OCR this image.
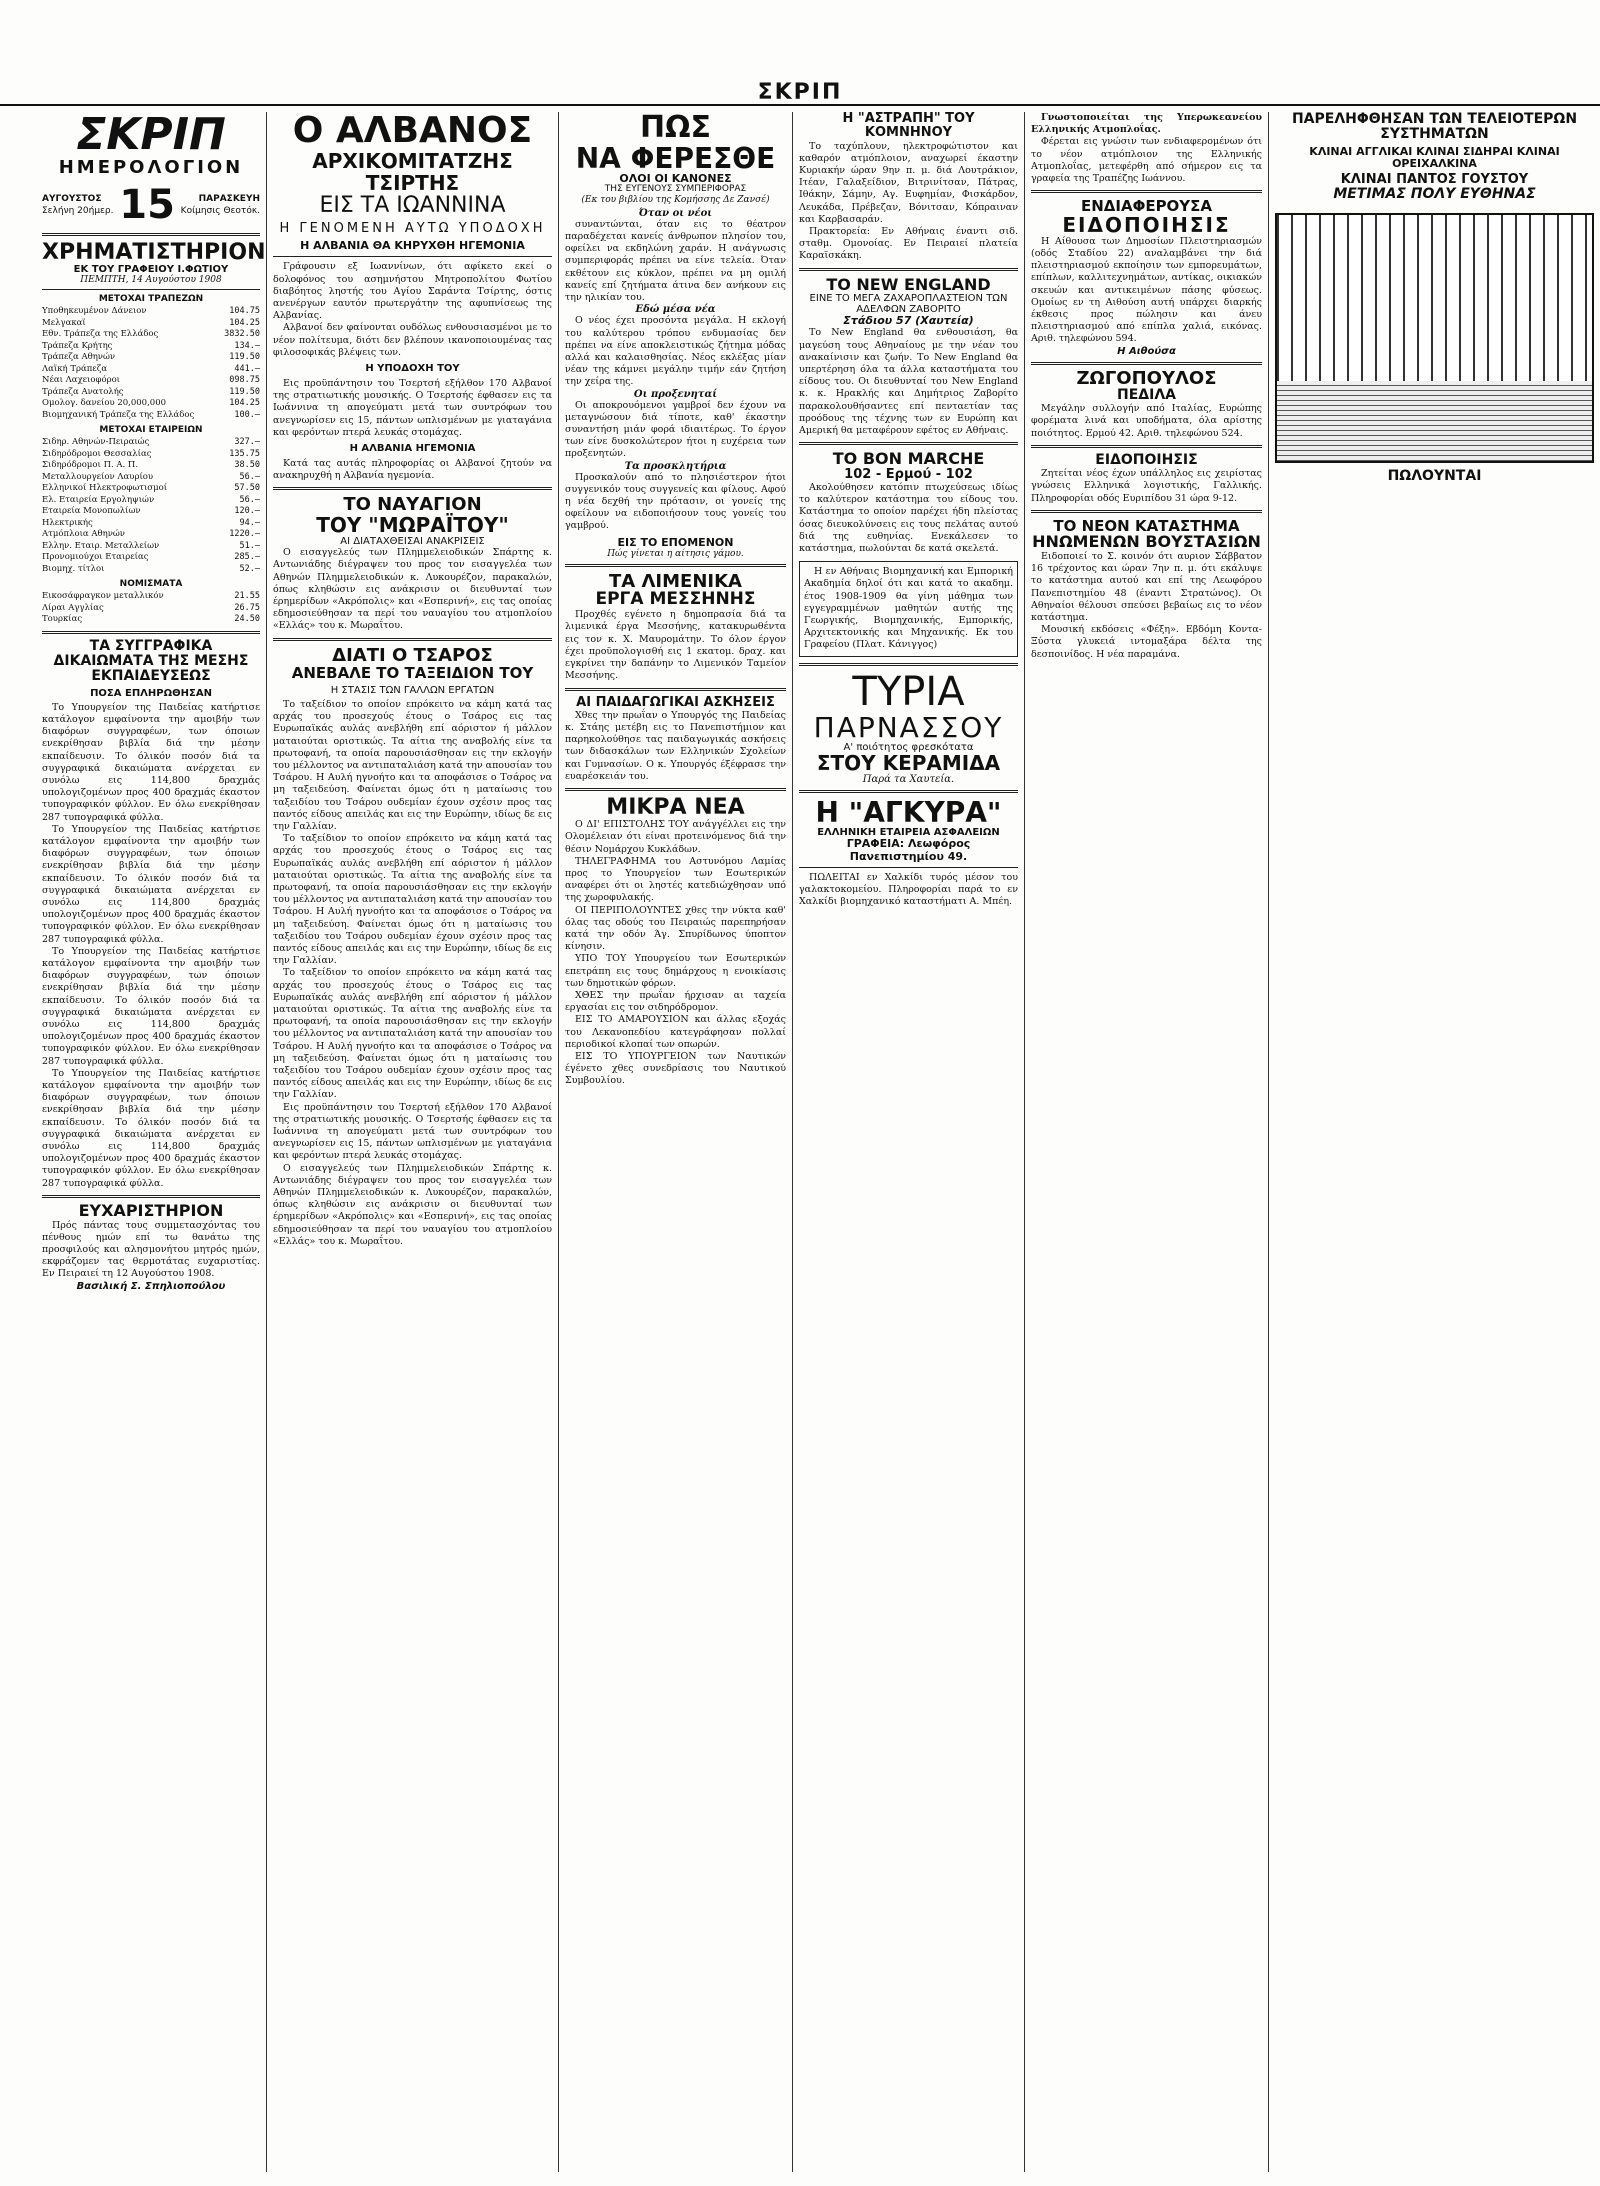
ΣΚΡΙΠ
ΣΚΡΙΠ
ΗΜΕΡΟΛΟΓΙΟΝ
ΑΥΓΟΥΣΤΟΣ
Σελήνη 20ήμερ. 15	ΠΑΡΑΣΚΕΥΗ
Κοίμησις Θεοτόκ.
ΧΡΗΜΑΤΙΣΤΗΡΙΟΝ
ΕΚ ΤΟΥ ΓΡΑΦΕΙΟΥ Ι.ΦΩΤΙΟΥ
ΠΕΜΠΤΗ, 14 Αυγούστου 1908
ΜΕΤΟΧΑΙ ΤΡΑΠΕΖΩΝ
Υποθηκευμένον Δάνειον	104.75
Μελγακαϊ	104.25
Εθν. Τράπεζα της Ελλάδος	3832.50
Τράπεζα Κρήτης	134.—
Τράπεζα Αθηνών	119.50
Λαϊκή Τράπεζα	441.—
Νέαι Λαχειοφόροι	098.75
Τράπεζα Ανατολής	119.50
Ομολογ. δανείου 20,000,000	104.25
Βιομηχανική Τράπεζα της Ελλάδος	100.—
ΜΕΤΟΧΑΙ ΕΤΑΙΡΕΙΩΝ
Σιδηρ. Αθηνών-Πειραιώς	327.—
Σιδηρόδρομοι Θεσσαλίας	135.75
Σιδηρόδρομοι Π. Α. Π.	38.50
Μεταλλουργείον Λαυρίου	56.—
Ελληνικοί Ηλεκτροφωτισμοί	57.50
Ελ. Εταιρεία Εργοληψιών	56.—
Εταιρεία Μονοπωλίων	120.—
Ηλεκτρικής	94.—
Ατμόπλοια Αθηνών	1220.—
Ελλην. Εταιρ. Μεταλλείων	51.—
Προνομιούχοι Εταιρείας	285.—
Βιομηχ. τίτλοι	52.—
ΝΟΜΙΣΜΑΤΑ
Εικοσάφραγκον μεταλλικόν	21.55
Λίραι Αγγλίας	26.75
Τουρκίας	24.50
ΤΑ ΣΥΓΓΡΑΦΙΚΑ ΔΙΚΑΙΩΜΑΤΑ ΤΗΣ ΜΕΣΗΣ ΕΚΠΑΙΔΕΥΣΕΩΣ
ΠΟΣΑ ΕΠΛΗΡΩΘΗΣΑΝ

Το Υπουργείον της Παιδείας κατήρτισε κατάλογον εμφαίνοντα την αμοιβήν των διαφόρων συγγραφέων, των όποιων ενεκρίθησαν βιβλία διά την μέσην εκπαίδευσιν. Το όλικόν ποσόν διά τα συγγραφικά δικαιώματα ανέρχεται εν συνόλω εις 114,800 δραχμάς υπολογιζομένων προς 400 δραχμάς έκαστον τυπογραφικόν φύλλον. Εν όλω ενεκρίθησαν 287 τυπογραφικά φύλλα.

Το Υπουργείον της Παιδείας κατήρτισε κατάλογον εμφαίνοντα την αμοιβήν των διαφόρων συγγραφέων, των όποιων ενεκρίθησαν βιβλία διά την μέσην εκπαίδευσιν. Το όλικόν ποσόν διά τα συγγραφικά δικαιώματα ανέρχεται εν συνόλω εις 114,800 δραχμάς υπολογιζομένων προς 400 δραχμάς έκαστον τυπογραφικόν φύλλον. Εν όλω ενεκρίθησαν 287 τυπογραφικά φύλλα.

Το Υπουργείον της Παιδείας κατήρτισε κατάλογον εμφαίνοντα την αμοιβήν των διαφόρων συγγραφέων, των όποιων ενεκρίθησαν βιβλία διά την μέσην εκπαίδευσιν. Το όλικόν ποσόν διά τα συγγραφικά δικαιώματα ανέρχεται εν συνόλω εις 114,800 δραχμάς υπολογιζομένων προς 400 δραχμάς έκαστον τυπογραφικόν φύλλον. Εν όλω ενεκρίθησαν 287 τυπογραφικά φύλλα.

Το Υπουργείον της Παιδείας κατήρτισε κατάλογον εμφαίνοντα την αμοιβήν των διαφόρων συγγραφέων, των όποιων ενεκρίθησαν βιβλία διά την μέσην εκπαίδευσιν. Το όλικόν ποσόν διά τα συγγραφικά δικαιώματα ανέρχεται εν συνόλω εις 114,800 δραχμάς υπολογιζομένων προς 400 δραχμάς έκαστον τυπογραφικόν φύλλον. Εν όλω ενεκρίθησαν 287 τυπογραφικά φύλλα.

ΕΥΧΑΡΙΣΤΗΡΙΟΝ

Πρός πάντας τους συμμετασχόντας του πένθους ημών επί τω θανάτω της προσφιλούς και αλησμονήτου μητρός ημών, εκφράζομεν τας θερμοτάτας ευχαριστίας. Εν Πειραιεί τη 12 Αυγούστου 1908.

Βασιλική Σ. Σπηλιοπούλου
Ο ΑΛΒΑΝΟΣ
ΑΡΧΙΚΟΜΙΤΑΤΖΗΣ ΤΣΙΡΤΗΣ
ΕΙΣ ΤΑ ΙΩΑΝΝΙΝΑ
Η ΓΕΝΟΜΕΝΗ ΑΥΤΩ ΥΠΟΔΟΧΗ
Η ΑΛΒΑΝΙΑ ΘΑ ΚΗΡΥΧΘΗ ΗΓΕΜΟΝΙΑ

Γράφουσιν εξ Ιωαννίνων, ότι αφίκετο εκεί ο δολοφόνος του ασημνήστου Μητροπολίτου Φωτίου διαβόητος ληστής του Αγίου Σαράντα Τσίρτης, όστις ανενέργων εαυτόν πρωτεργάτην της αφυπνίσεως της Αλβανίας.

Αλβανοί δεν φαίνονται ουδόλως ενθουσιασμένοι με το νέον πολίτευμα, διότι δεν βλέπουν ικανοποιουμένας τας φιλοσοφικάς βλέψεις των.

Η ΥΠΟΔΟΧΗ ΤΟΥ

Εις προϋπάντησιν του Τσερτσή εξήλθον 170 Αλβανοί της στρατιωτικής μουσικής. Ο Τσερτσής έφθασεν εις τα Ιωάννινα τη απογεύματι μετά των συντρόφων του ανεγνωρίσεν εις 15, πάντων ωπλισμένων με γιαταγάνια και φερόντων πτερά λευκάς στομάχας.

Η ΑΛΒΑΝΙΑ ΗΓΕΜΟΝΙΑ

Κατά τας αυτάς πληροφορίας οι Αλβανοί ζητούν να ανακηρυχθή η Αλβανία ηγεμονία.

ΤΟ ΝΑΥΑΓΙΟΝ
ΤΟΥ "ΜΩΡΑΪΤΟΥ"
ΑΙ ΔΙΑΤΑΧΘΕΙΣΑΙ ΑΝΑΚΡΙΣΕΙΣ

Ο εισαγγελεύς των Πλημμελειοδικών Σπάρτης κ. Αντωνιάδης διέγραψεν του προς τον εισαγγελέα των Αθηνών Πλημμελειοδικών κ. Λυκουρέζον, παρακαλών, όπως κληθώσιν εις ανάκρισιν οι διευθυνταί των έρημερίδων «Ακρόπολις» και «Εσπερινή», εις τας οποίας εδημοσιεύθησαν τα περί του ναυαγίου του ατμοπλοίου «Ελλάς» του κ. Μωραΐτου.

ΔΙΑΤΙ Ο ΤΣΑΡΟΣ
ΑΝΕΒΑΛΕ ΤΟ ΤΑΞΕΙΔΙΟΝ ΤΟΥ
Η ΣΤΑΣΙΣ ΤΩΝ ΓΑΛΛΩΝ ΕΡΓΑΤΩΝ

Το ταξείδιον το οποίον επρόκειτο να κάμη κατά τας αρχάς του προσεχούς έτους ο Τσάρος εις τας Ευρωπαϊκάς αυλάς ανεβλήθη επί αόριστον ή μάλλον ματαιούται οριστικώς. Τα αίτια της αναβολής είνε τα πρωτοφανή, τα οποία παρουσιάσθησαν εις την εκλογήν του μέλλοντος να αντιπαταλιάση κατά την απουσίαν του Τσάρου. Η Αυλή ηγνοήτο και τα αποφάσισε ο Τσάρος να μη ταξειδεύση. Φαίνεται όμως ότι η ματαίωσις του ταξειδίου του Τσάρου ουδεμίαν έχουν σχέσιν προς τας παντός είδους απειλάς και εις την Ευρώπην, ιδίως δε εις την Γαλλίαν.

Το ταξείδιον το οποίον επρόκειτο να κάμη κατά τας αρχάς του προσεχούς έτους ο Τσάρος εις τας Ευρωπαϊκάς αυλάς ανεβλήθη επί αόριστον ή μάλλον ματαιούται οριστικώς. Τα αίτια της αναβολής είνε τα πρωτοφανή, τα οποία παρουσιάσθησαν εις την εκλογήν του μέλλοντος να αντιπαταλιάση κατά την απουσίαν του Τσάρου. Η Αυλή ηγνοήτο και τα αποφάσισε ο Τσάρος να μη ταξειδεύση. Φαίνεται όμως ότι η ματαίωσις του ταξειδίου του Τσάρου ουδεμίαν έχουν σχέσιν προς τας παντός είδους απειλάς και εις την Ευρώπην, ιδίως δε εις την Γαλλίαν.

Το ταξείδιον το οποίον επρόκειτο να κάμη κατά τας αρχάς του προσεχούς έτους ο Τσάρος εις τας Ευρωπαϊκάς αυλάς ανεβλήθη επί αόριστον ή μάλλον ματαιούται οριστικώς. Τα αίτια της αναβολής είνε τα πρωτοφανή, τα οποία παρουσιάσθησαν εις την εκλογήν του μέλλοντος να αντιπαταλιάση κατά την απουσίαν του Τσάρου. Η Αυλή ηγνοήτο και τα αποφάσισε ο Τσάρος να μη ταξειδεύση. Φαίνεται όμως ότι η ματαίωσις του ταξειδίου του Τσάρου ουδεμίαν έχουν σχέσιν προς τας παντός είδους απειλάς και εις την Ευρώπην, ιδίως δε εις την Γαλλίαν.

Εις προϋπάντησιν του Τσερτσή εξήλθον 170 Αλβανοί της στρατιωτικής μουσικής. Ο Τσερτσής έφθασεν εις τα Ιωάννινα τη απογεύματι μετά των συντρόφων του ανεγνωρίσεν εις 15, πάντων ωπλισμένων με γιαταγάνια και φερόντων πτερά λευκάς στομάχας.

Ο εισαγγελεύς των Πλημμελειοδικών Σπάρτης κ. Αντωνιάδης διέγραψεν του προς τον εισαγγελέα των Αθηνών Πλημμελειοδικών κ. Λυκουρέζον, παρακαλών, όπως κληθώσιν εις ανάκρισιν οι διευθυνταί των έρημερίδων «Ακρόπολις» και «Εσπερινή», εις τας οποίας εδημοσιεύθησαν τα περί του ναυαγίου του ατμοπλοίου «Ελλάς» του κ. Μωραΐτου.

ΠΩΣ
ΝΑ ΦΕΡΕΣΘΕ
ΟΛΟΙ ΟΙ ΚΑΝΟΝΕΣ
ΤΗΣ ΕΥΓΕΝΟΥΣ ΣΥΜΠΕΡΙΦΟΡΑΣ
(Εκ του βιβλίου της Κομήσσης Δε Ζανσέ)
Όταν οι νέοι

συναντώνται, όταν εις το θέατρον παραδέχεται κανείς άνθρωπον πλησίον του, οφείλει να εκδηλώνη χαράν. Η ανάγνωσις συμπεριφοράς πρέπει να είνε τελεία. Όταν εκθέτουν εις κύκλον, πρέπει να μη ομιλή κανείς επί ζητήματα άτινα δεν ανήκουν εις την ηλικίαν του.

Εδώ μέσα νέα

Ο νέος έχει προσόντα μεγάλα. Η εκλογή του καλύτερου τρόπου ενδυμασίας δεν πρέπει να είνε αποκλειστικώς ζήτημα μόδας αλλά και καλαισθησίας. Νέος εκλέξας μίαν νέαν της κάμνει μεγάλην τιμήν εάν ζητήση την χείρα της.

Οι προξενηταί

Οι αποκρουόμενοι γαμβροί δεν έχουν να μεταγνώσουν διά τίποτε, καθ' έκαστην συναντήση μιάν φορά ιδιαιτέρως. Το έργον των είνε δυσκολώτερον ήτοι η ευχέρεια των προξενητών.

Τα προσκλητήρια

Προσκαλούν από το πλησιέστερον ήτοι συγγενικόν τους συγγενείς και φίλους. Αφού η νέα δεχθή την πρότασιν, οι γονείς της οφείλουν να ειδοποιήσουν τους γονείς του γαμβρού.

ΕΙΣ ΤΟ ΕΠΟΜΕΝΟΝ
Πώς γίνεται η αίτησις γάμου.
ΤΑ ΛΙΜΕΝΙΚΑ
ΕΡΓΑ ΜΕΣΣΗΝΗΣ

Προχθές εγένετο η δημοπρασία διά τα λιμενικά έργα Μεσσήνης, κατακυρωθέντα εις τον κ. Χ. Μαυρομάτην. Το όλον έργον έχει προϋπολογισθή εις 1 εκατομ. δραχ. και εγκρίνει την δαπάνην το Λιμενικόν Ταμείον Μεσσήνης.

ΑΙ ΠΑΙΔΑΓΩΓΙΚΑΙ ΑΣΚΗΣΕΙΣ

Χθες την πρωΐαν ο Υπουργός της Παιδείας κ. Στάης μετέβη εις το Πανεπιστήμιον και παρηκολούθησε τας παιδαγωγικάς ασκήσεις των διδασκάλων των Ελληνικών Σχολείων και Γυμνασίων. Ο κ. Υπουργός έξέφρασε την ευαρέσκειάν του.

ΜΙΚΡΑ ΝΕΑ

Ο ΔΙ' ΕΠΙΣΤΟΛΗΣ ΤΟΥ ανάγγέλλει εις την Ολομέλειαν ότι είναι προτεινόμενος διά την θέσιν Νομάρχου Κυκλάδων.

ΤΗΛΕΓΡΑΦΗΜΑ του Αστυνόμου Λαμίας προς το Υπουργείον των Εσωτερικών αναφέρει ότι οι ληστές κατεδιώχθησαν υπό της χωροφυλακής.

ΟΙ ΠΕΡΙΠΟΛΟΥΝΤΕΣ χθες την νύκτα καθ' όλας τας οδούς του Πειραιώς παρεπηρήσαν κατά την οδόν Άγ. Σπυρίδωνος ύποπτον κίνησιν.

ΥΠΟ ΤΟΥ Υπουργείου των Εσωτερικών επετράπη εις τους δημάρχους η ενοικίασις των δημοτικών φόρων.

ΧΘΕΣ την πρωΐαν ήρχισαν αι ταχεία εργασίαι εις τον σιδηρόδρομον.

ΕΙΣ ΤΟ ΑΜΑΡΟΥΣΙΟΝ και άλλας εξοχάς του Λεκανοπεδίου κατεγράφησαν πολλαί περιοδικοί κλοπαί των οπωρών.

ΕΙΣ ΤΟ ΥΠΟΥΡΓΕΙΟΝ των Ναυτικών έγένετο χθες συνεδρίασις του Ναυτικού Συμβουλίου.

Η "ΑΣΤΡΑΠΗ" ΤΟΥ ΚΟΜΝΗΝΟΥ

Το ταχύπλουν, ηλεκτροφώτιστον και καθαρόν ατμόπλοιον, αναχωρεί έκαστην Κυριακήν ώραν 9ην π. μ. διά Λουτράκιον, Ιτέαν, Γαλαξείδιον, Βιτρινίτσαν, Πάτρας, Ιθάκην, Σάμην, Αγ. Ευφημίαν, Φισκάρδον, Λευκάδα, Πρέβεζαν, Βόνιτσαν, Κόπραιναν και Καρβασαράν.

Πρακτορεία: Εν Αθήναις έναντι σιδ. σταθμ. Ομονοίας. Εν Πειραιεί πλατεία Καραϊσκάκη.

TO NEW ENGLAND
ΕΙΝΕ ΤΟ ΜΕΓΑ ΖΑΧΑΡΟΠΛΑΣΤΕΙΟΝ ΤΩΝ ΑΔΕΛΦΩΝ ΖΑΒΟΡΙΤΟ
Στάδιου 57 (Χαυτεία)

Το New England θα ενθουσιάση, θα μαγεύση τους Αθηναίους με την νέαν του ανακαίνισιν και ζωήν. Το New England θα υπερτέρηση όλα τα άλλα καταστήματα του είδους του. Οι διευθυνταί του New England κ. κ. Ηρακλής και Δημήτριος Ζαβορίτο παρακολουθήσαντες επί πενταετίαν τας προόδους της τέχνης των εν Ευρώπη και Αμερική θα μεταφέρουν εφέτος εν Αθήναις.

ΤΟ ΒΟΝ MARCHE
102 - Ερμού - 102

Ακολούθησεν κατόπιν πτωχεύσεως ιδίως το καλύτερον κατάστημα του είδους του. Κατάστημα το οποίον παρέχει ήδη πλείστας όσας διευκολύνσεις εις τους πελάτας αυτού διά της ευθηνίας. Ενεκάλεσεν το κατάστημα, πωλούνται δε κατά σκελετά.

Η εν Αθήναις Βιομηχανική και Εμπορική Ακαδημία δηλοί ότι και κατά το ακαδημ. έτος 1908-1909 θα γίνη μάθημα των εγγεγραμμένων μαθητών αυτής της Γεωργικής, Βιομηχανικής, Εμπορικής, Αρχιτεκτονικής και Μηχανικής. Εκ του Γραφείου (Πλατ. Κάνιγγος)

ΤΥΡΙΑ
ΠΑΡΝΑΣΣΟΥ
Α' ποιότητος φρεσκότατα
ΣΤΟΥ ΚΕΡΑΜΙΔΑ
Παρά τα Χαυτεία.
Η "ΑΓΚΥΡΑ"
ΕΛΛΗΝΙΚΗ ΕΤΑΙΡΕΙΑ ΑΣΦΑΛΕΙΩΝ
ΓΡΑΦΕΙΑ: Λεωφόρος Πανεπιστημίου 49.

ΠΩΛΕΙΤΑΙ εν Χαλκίδι τυρός μέσον του γαλακτοκομείου. Πληροφορίαι παρά το εν Χαλκίδι βιομηχανικό καταστήματι Α. Μπέη.

Γνωστοποιείται της Υπερωκεανείου Ελληνικής Ατμοπλοΐας.

Φέρεται εις γνώσιν των ενδιαφερομένων ότι το νέον ατμόπλοιον της Ελληνικής Ατμοπλοΐας, μετεφέρθη από σήμερον εις τα γραφεία της Τραπέζης Ιωάννου.

ΕΝΔΙΑΦΕΡΟΥΣΑ
ΕΙΔΟΠΟΙΗΣΙΣ

Η Αίθουσα των Δημοσίων Πλειστηριασμών (οδός Σταδίου 22) αναλαμβάνει την διά πλειστηριασμού εκποίησιν των εμπορευμάτων, επίπλων, καλλιτεχνημάτων, αντίκας, οικιακών σκευών και αντικειμένων πάσης φύσεως. Ομοίως εν τη Αιθούση αυτή υπάρχει διαρκής έκθεσις προς πώλησιν και άνευ πλειστηριασμού από επίπλα χαλιά, εικόνας. Αριθ. τηλεφώνου 594.

Η Αιθούσα
ΖΩΓΟΠΟΥΛΟΣ
ΠΕΔΙΛΑ

Μεγάλην συλλογήν από Ιταλίας, Ευρώπης φορέματα λινά και υποδήματα, όλα αρίστης ποιότητος. Ερμού 42. Αριθ. τηλεφώνου 524.

ΕΙΔΟΠΟΙΗΣΙΣ

Ζητείται νέος έχων υπάλληλος εις χειρίστας γνώσεις Ελληνικά λογιστικής, Γαλλικής. Πληροφορίαι οδός Ευριπίδου 31 ώρα 9-12.

ΤΟ ΝΕΟΝ ΚΑΤΑΣΤΗΜΑ
ΗΝΩΜΕΝΩΝ ΒΟΥΣΤΑΣΙΩΝ

Ειδοποιεί το Σ. κοινόν ότι αυριον Σάββατον 16 τρέχοντος και ώραν 7ην π. μ. ότι εκάλυψε το κατάστημα αυτού και επί της Λεωφόρου Πανεπιστημίου 48 (έναντι Στρατώνος). Οι Αθηναίοι θέλουσι σπεύσει βεβαίως εις το νέον κατάστημα.

Μουσική εκδόσεις «Φέξη». Εβδόμη Κοντα-Ξύστα γλυκειά ιντομαξάρα δέλτα της δεσποινίδος. Η νέα παραμάνα.

ΠΑΡΕΛΗΦΘΗΣΑΝ ΤΩΝ ΤΕΛΕΙΟΤΕΡΩΝ ΣΥΣΤΗΜΑΤΩΝ
ΚΛΙΝΑΙ ΑΓΓΛΙΚΑΙ ΚΛΙΝΑΙ ΣΙΔΗΡΑΙ ΚΛΙΝΑΙ ΟΡΕΙΧΑΛΚΙΝΑ
ΚΛΙΝΑΙ ΠΑΝΤΟΣ ΓΟΥΣΤΟΥ
ΜΕΤΙΜΑΣ ΠΟΛΥ ΕΥΘΗΝΑΣ
ΠΩΛΟΥΝΤΑΙ
